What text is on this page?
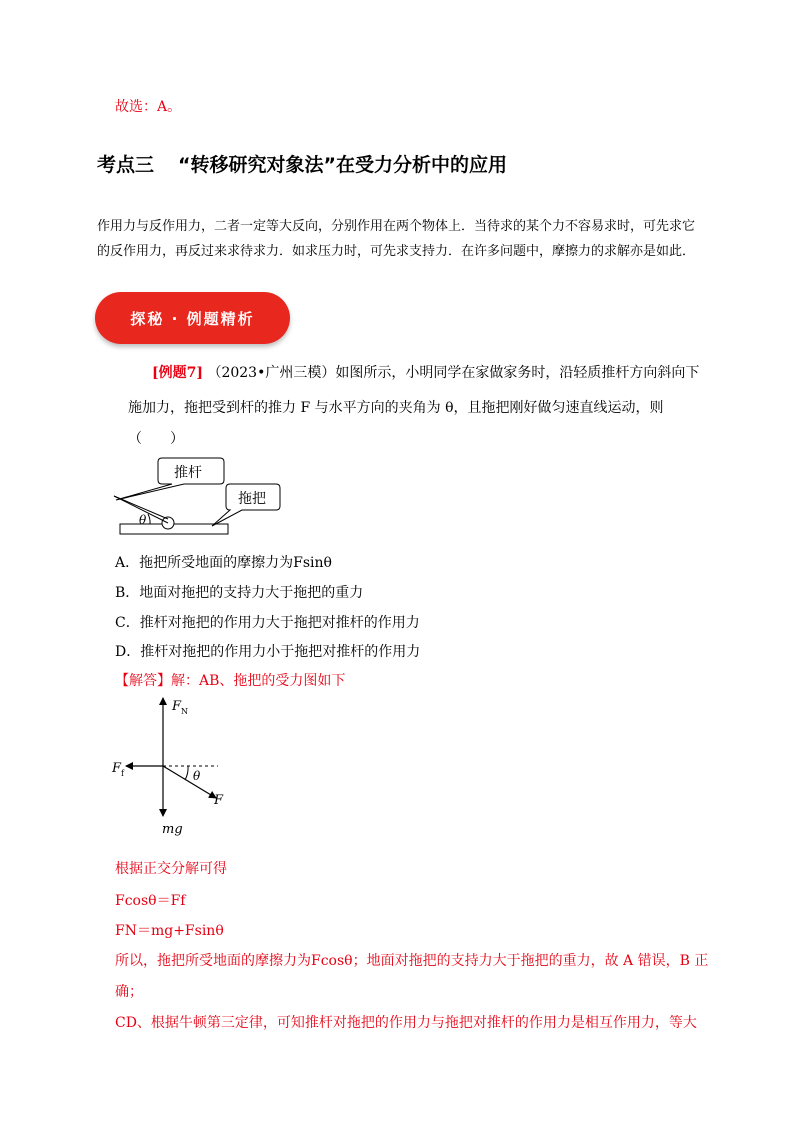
故选：A。
考点三 “转移研究对象法”在受力分析中的应用
作用力与反作用力，二者一定等大反向，分别作用在两个物体上．当待求的某个力不容易求时，可先求它的反作用力，再反过来求待求力．如求压力时，可先求支持力．在许多问题中，摩擦力的求解亦是如此．
探秘 · 例题精析
[例题7] （2023•广州三模）如图所示，小明同学在家做家务时，沿轻质推杆方向斜向下
施加力，拖把受到杆的推力 F 与水平方向的夹角为 θ，且拖把刚好做匀速直线运动，则
（　　）
θ
推杆
拖把
A．拖把所受地面的摩擦力为Fsinθ
B．地面对拖把的支持力大于拖把的重力
C．推杆对拖把的作用力大于拖把对推杆的作用力
D．推杆对拖把的作用力小于拖把对推杆的作用力
【解答】解：AB、拖把的受力图如下
θ
$F_N$
$F_f$
F
mg
根据正交分解可得
Fcosθ＝Ff
FN＝mg+Fsinθ
所以，拖把所受地面的摩擦力为Fcosθ；地面对拖把的支持力大于拖把的重力，故 A 错误，B 正
确；
CD、根据牛顿第三定律，可知推杆对拖把的作用力与拖把对推杆的作用力是相互作用力，等大
